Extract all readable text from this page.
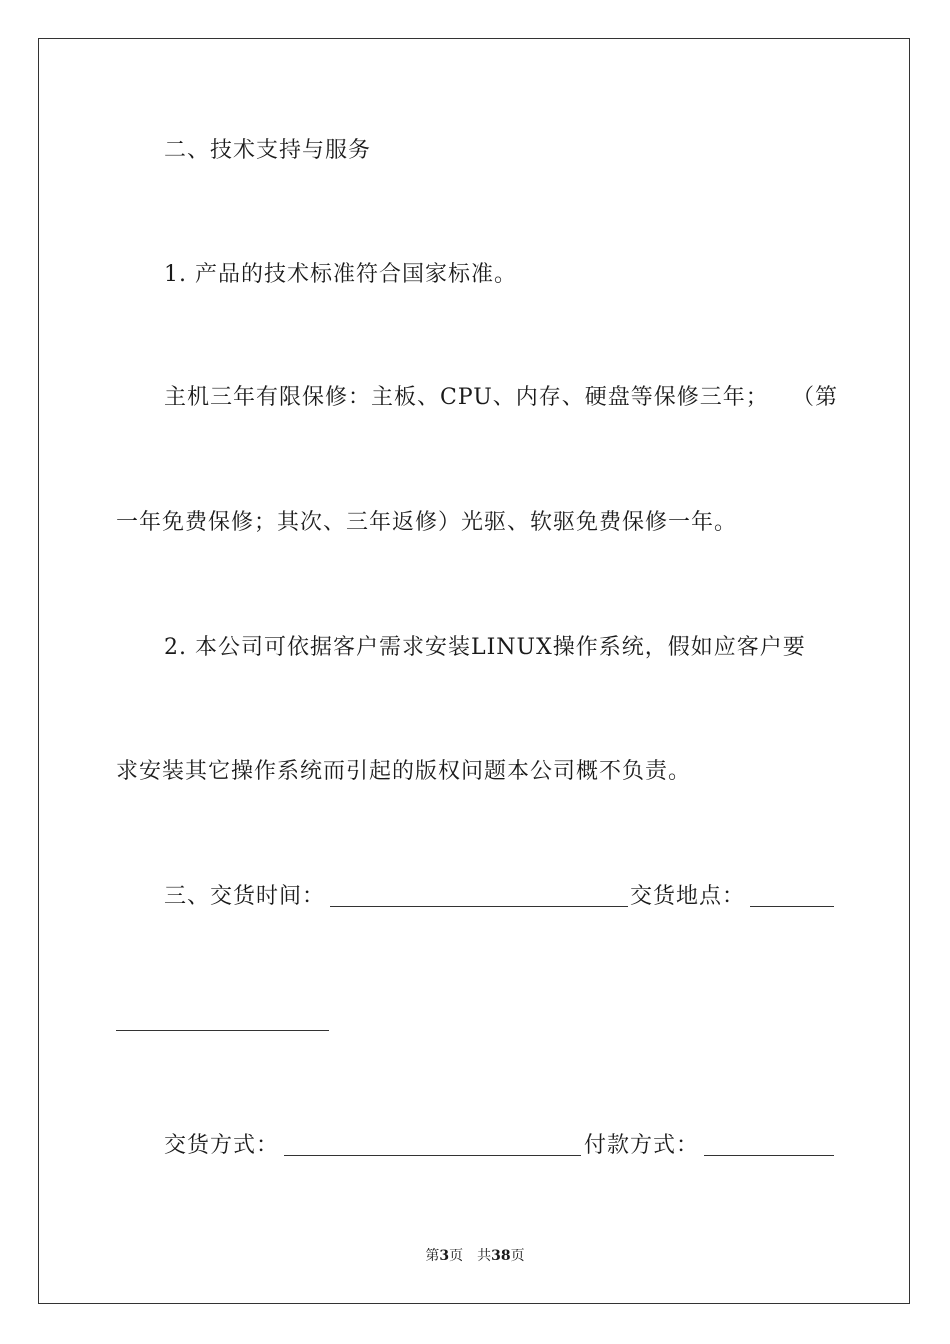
二、技术支持与服务
1. 产品的技术标准符合国家标准。
主机三年有限保修：主板、CPU、内存、硬盘等保修三年； （第
一年免费保修；其次、三年返修）光驱、软驱免费保修一年。
2. 本公司可依据客户需求安装LINUX操作系统，假如应客户要
求安装其它操作系统而引起的版权问题本公司概不负责。
三、交货时间：	交货地点：
交货方式：	付款方式：
第3页　共38页
